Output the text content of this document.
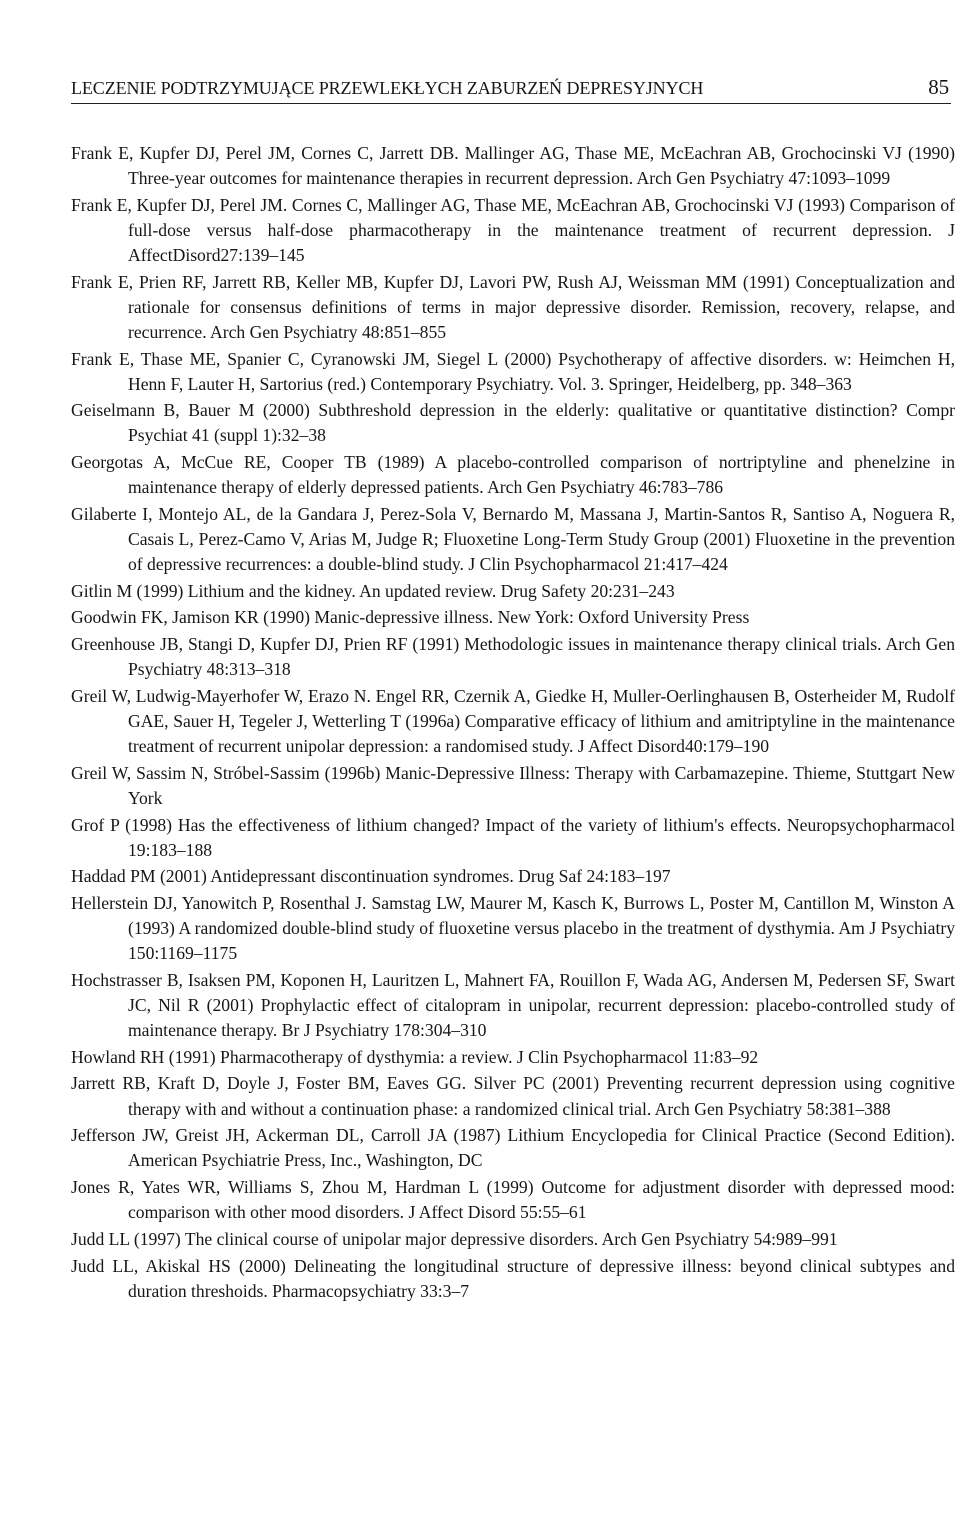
LECZENIE PODTRZYMUJĄCE PRZEWLEKŁYCH ZABURZEŃ DEPRESYJNYCH	85
Frank E, Kupfer DJ, Perel JM, Cornes C, Jarrett DB. Mallinger AG, Thase ME, McEachran AB, Grochocinski VJ (1990) Three-year outcomes for maintenance therapies in recurrent depression. Arch Gen Psychiatry 47:1093–1099
Frank E, Kupfer DJ, Perel JM. Cornes C, Mallinger AG, Thase ME, McEachran AB, Grochocinski VJ (1993) Comparison of full-dose versus half-dose pharmacotherapy in the maintenance treatment of recurrent depression. J AffectDisord27:139–145
Frank E, Prien RF, Jarrett RB, Keller MB, Kupfer DJ, Lavori PW, Rush AJ, Weissman MM (1991) Conceptualization and rationale for consensus definitions of terms in major depressive disorder. Remission, recovery, relapse, and recurrence. Arch Gen Psychiatry 48:851–855
Frank E, Thase ME, Spanier C, Cyranowski JM, Siegel L (2000) Psychotherapy of affective disorders. w: Heimchen H, Henn F, Lauter H, Sartorius (red.) Contemporary Psychiatry. Vol. 3. Springer, Heidelberg, pp. 348–363
Geiselmann B, Bauer M (2000) Subthreshold depression in the elderly: qualitative or quantitative distinction? Compr Psychiat 41 (suppl 1):32–38
Georgotas A, McCue RE, Cooper TB (1989) A placebo-controlled comparison of nortriptyline and phenelzine in maintenance therapy of elderly depressed patients. Arch Gen Psychiatry 46:783–786
Gilaberte I, Montejo AL, de la Gandara J, Perez-Sola V, Bernardo M, Massana J, Martin-Santos R, Santiso A, Noguera R, Casais L, Perez-Camo V, Arias M, Judge R; Fluoxetine Long-Term Study Group (2001) Fluoxetine in the prevention of depressive recurrences: a double-blind study. J Clin Psychopharmacol 21:417–424
Gitlin M (1999) Lithium and the kidney. An updated review. Drug Safety 20:231–243
Goodwin FK, Jamison KR (1990) Manic-depressive illness. New York: Oxford University Press
Greenhouse JB, Stangi D, Kupfer DJ, Prien RF (1991) Methodologic issues in maintenance therapy clinical trials. Arch Gen Psychiatry 48:313–318
Greil W, Ludwig-Mayerhofer W, Erazo N. Engel RR, Czernik A, Giedke H, Muller-Oerlinghausen B, Osterheider M, Rudolf GAE, Sauer H, Tegeler J, Wetterling T (1996a) Comparative efficacy of lithium and amitriptyline in the maintenance treatment of recurrent unipolar depression: a randomised study. J Affect Disord40:179–190
Greil W, Sassim N, Stróbel-Sassim (1996b) Manic-Depressive Illness: Therapy with Carbamazepine. Thieme, Stuttgart New York
Grof P (1998) Has the effectiveness of lithium changed? Impact of the variety of lithium's effects. Neuropsychopharmacol 19:183–188
Haddad PM (2001) Antidepressant discontinuation syndromes. Drug Saf 24:183–197
Hellerstein DJ, Yanowitch P, Rosenthal J. Samstag LW, Maurer M, Kasch K, Burrows L, Poster M, Cantillon M, Winston A (1993) A randomized double-blind study of fluoxetine versus placebo in the treatment of dysthymia. Am J Psychiatry 150:1169–1175
Hochstrasser B, Isaksen PM, Koponen H, Lauritzen L, Mahnert FA, Rouillon F, Wada AG, Andersen M, Pedersen SF, Swart JC, Nil R (2001) Prophylactic effect of citalopram in unipolar, recurrent depression: placebo-controlled study of maintenance therapy. Br J Psychiatry 178:304–310
Howland RH (1991) Pharmacotherapy of dysthymia: a review. J Clin Psychopharmacol 11:83–92
Jarrett RB, Kraft D, Doyle J, Foster BM, Eaves GG. Silver PC (2001) Preventing recurrent depression using cognitive therapy with and without a continuation phase: a randomized clinical trial. Arch Gen Psychiatry 58:381–388
Jefferson JW, Greist JH, Ackerman DL, Carroll JA (1987) Lithium Encyclopedia for Clinical Practice (Second Edition). American Psychiatrie Press, Inc., Washington, DC
Jones R, Yates WR, Williams S, Zhou M, Hardman L (1999) Outcome for adjustment disorder with depressed mood: comparison with other mood disorders. J Affect Disord 55:55–61
Judd LL (1997) The clinical course of unipolar major depressive disorders. Arch Gen Psychiatry 54:989–991
Judd LL, Akiskal HS (2000) Delineating the longitudinal structure of depressive illness: beyond clinical subtypes and duration threshoids. Pharmacopsychiatry 33:3–7
